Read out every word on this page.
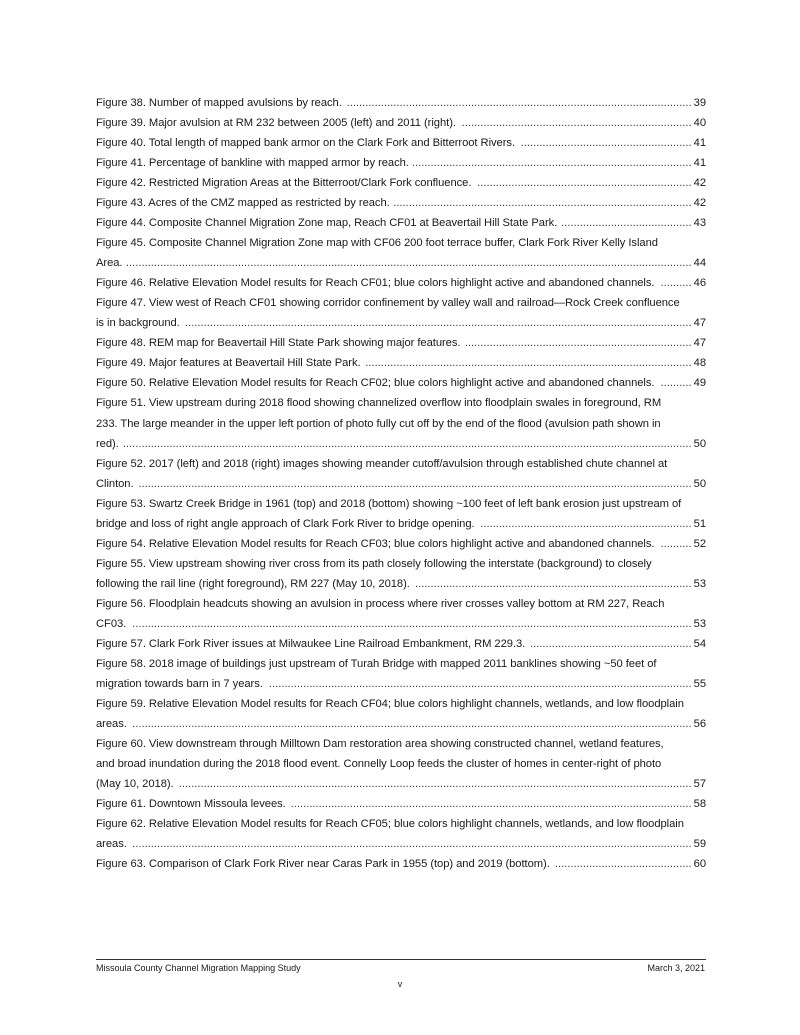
Figure 38. Number of mapped avulsions by reach. ............................................................................................................... 39
Figure 39. Major avulsion at RM 232 between 2005 (left) and 2011 (right). .......................................................................... 40
Figure 40. Total length of mapped bank armor on the Clark Fork and Bitterroot Rivers. ....................................................... 41
Figure 41. Percentage of bankline with mapped armor by reach. .......................................................................................... 41
Figure 42. Restricted Migration Areas at the Bitterroot/Clark Fork confluence. ..................................................................... 42
Figure 43. Acres of the CMZ mapped as restricted by reach. ................................................................................................ 42
Figure 44. Composite Channel Migration Zone map, Reach CF01 at Beavertail Hill State Park. .......................................... 43
Figure 45. Composite Channel Migration Zone map with CF06 200 foot terrace buffer, Clark Fork River Kelly Island Area. ...................................................................................................................................................................................... 44
Figure 46. Relative Elevation Model results for Reach CF01; blue colors highlight active and abandoned channels. .......... 46
Figure 47. View west of Reach CF01 showing corridor confinement by valley wall and railroad—Rock Creek confluence is in background. ................................................................................................................................................................... 47
Figure 48. REM map for Beavertail Hill State Park showing major features. ......................................................................... 47
Figure 49. Major features at Beavertail Hill State Park. ......................................................................................................... 48
Figure 50. Relative Elevation Model results for Reach CF02; blue colors highlight active and abandoned channels. .......... 49
Figure 51. View upstream during 2018 flood showing channelized overflow into floodplain swales in foreground, RM 233. The large meander in the upper left portion of photo fully cut off by the end of the flood (avulsion path shown in red). ....................................................................................................................................................................................... 50
Figure 52. 2017 (left) and 2018 (right) images showing meander cutoff/avulsion through established chute channel at Clinton. .................................................................................................................................................................................. 50
Figure 53. Swartz Creek Bridge in 1961 (top) and 2018 (bottom) showing ~100 feet of left bank erosion just upstream of bridge and loss of right angle approach of Clark Fork River to bridge opening. .................................................................... 51
Figure 54. Relative Elevation Model results for Reach CF03; blue colors highlight active and abandoned channels. .......... 52
Figure 55. View upstream showing river cross from its path closely following the interstate (background) to closely following the rail line (right foreground), RM 227 (May 10, 2018). ......................................................................................... 53
Figure 56. Floodplain headcuts showing an avulsion in process where river crosses valley bottom at RM 227, Reach CF03. .................................................................................................................................................................................... 53
Figure 57. Clark Fork River issues at Milwaukee Line Railroad Embankment, RM 229.3. .................................................... 54
Figure 58. 2018 image of buildings just upstream of Turah Bridge with mapped 2011 banklines showing ~50 feet of migration towards barn in 7 years. ........................................................................................................................................ 55
Figure 59. Relative Elevation Model results for Reach CF04; blue colors highlight channels, wetlands, and low floodplain areas. .................................................................................................................................................................................... 56
Figure 60. View downstream through Milltown Dam restoration area showing constructed channel, wetland features, and broad inundation during the 2018 flood event. Connelly Loop feeds the cluster of homes in center-right of photo (May 10, 2018). ..................................................................................................................................................................... 57
Figure 61. Downtown Missoula levees. ................................................................................................................................. 58
Figure 62. Relative Elevation Model results for Reach CF05; blue colors highlight channels, wetlands, and low floodplain areas. .................................................................................................................................................................................... 59
Figure 63. Comparison of Clark Fork River near Caras Park in 1955 (top) and 2019 (bottom). ............................................ 60
Missoula County Channel Migration Mapping Study	March 3, 2021
v
